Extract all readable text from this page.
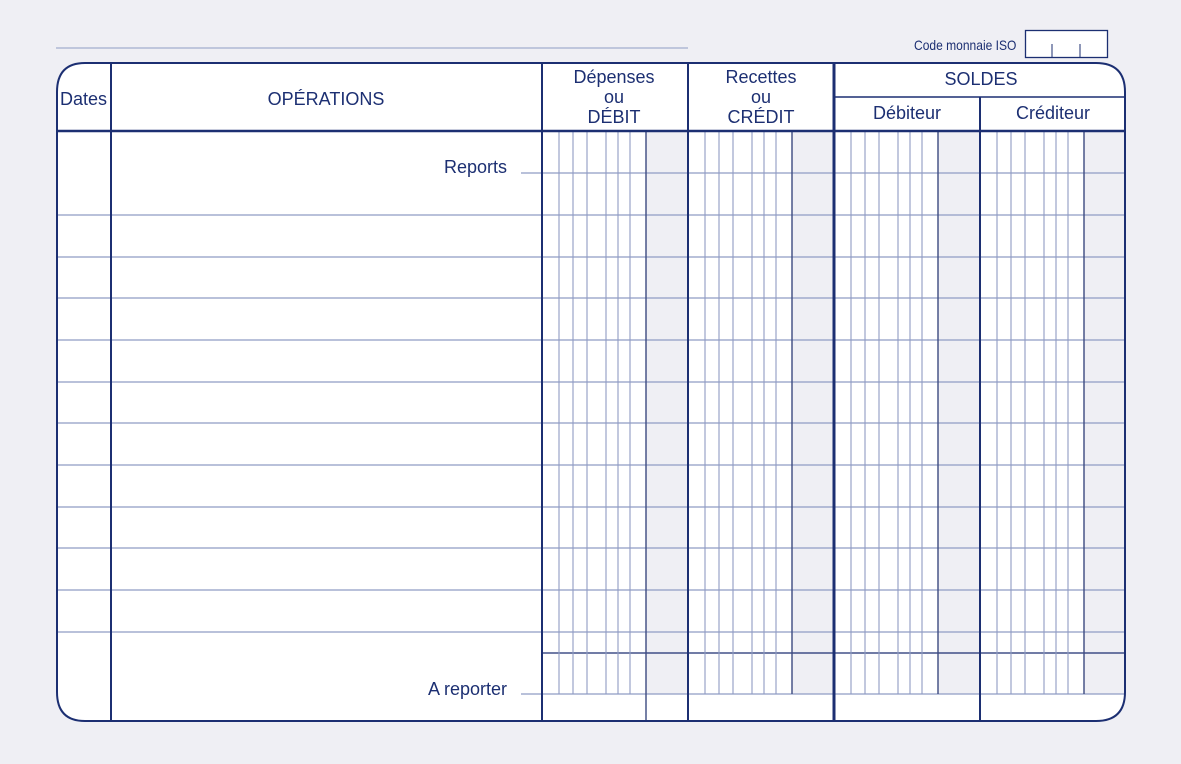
Code monnaie ISO
Dates	OPÉRATIONS
Dépenses
ou
DÉBIT
Recettes
ou
CRÉDIT
SOLDES
Débiteur	Créditeur
Reports
A reporter
